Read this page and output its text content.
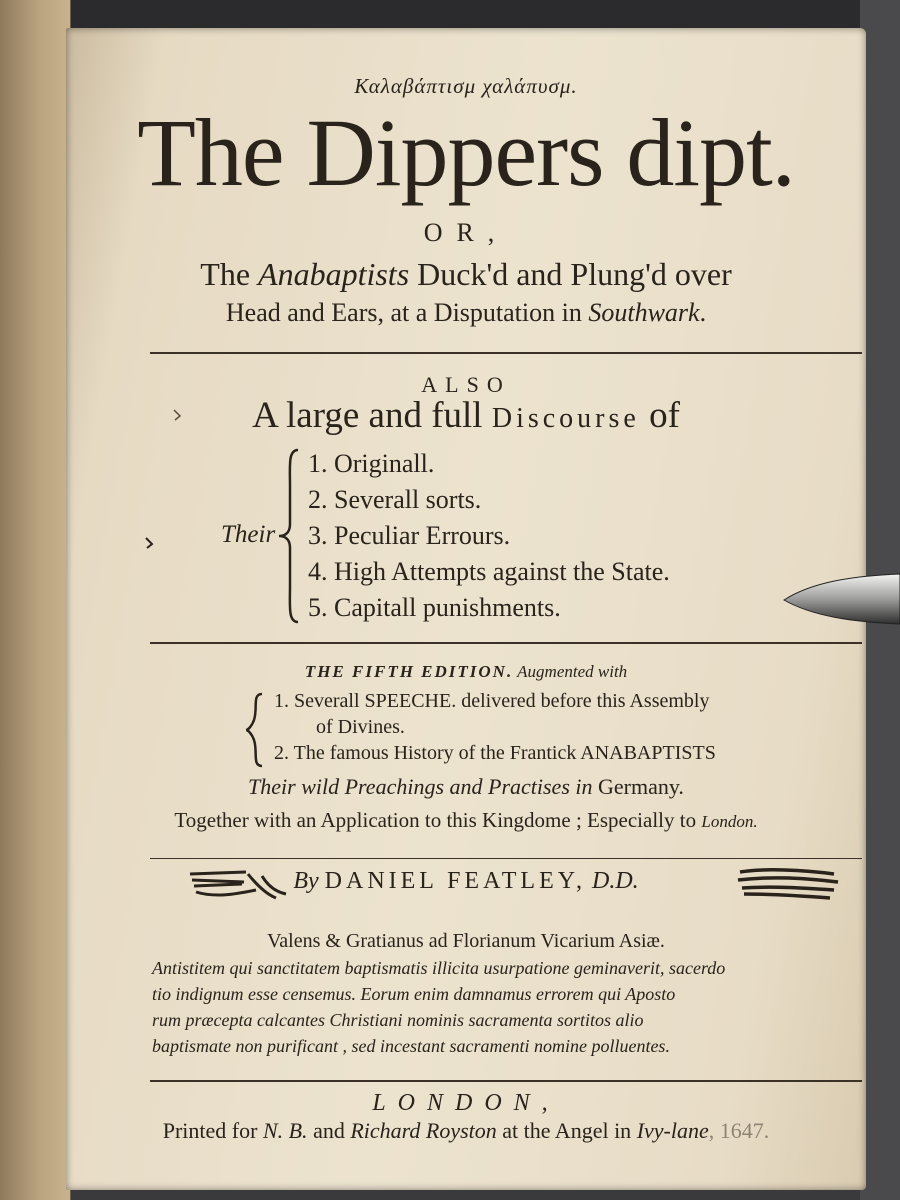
Καλαβάπτισμ χαλάπυσμ.
The Dippers dipt.
OR,
The Anabaptists Duck'd and Plung'd over
Head and Ears, at a Disputation in Southwark.
ALSO
A large and full Discourse of
Their
1. Originall.
2. Severall sorts.
3. Peculiar Errours.
4. High Attempts against the State.
5. Capitall punishments.
THE FIFTH EDITION. Augmented with
1. Severall SPEECHE. delivered before this Assembly
of Divines.
2. The famous History of the Frantick ANABAPTISTS
Their wild Preachings and Practises in Germany.
Together with an Application to this Kingdome ; Especially to London.
By DANIEL FEATLEY, D.D.
Valens & Gratianus ad Florianum Vicarium Asiæ.
Antistitem qui sanctitatem baptismatis illicita usurpatione geminaverit, sacerdo
tio indignum esse censemus. Eorum enim damnamus errorem qui Aposto
rum præcepta calcantes Christiani nominis sacramenta sortitos alio
baptismate non purificant , sed incestant sacramenti nomine polluentes.
LONDON,
Printed for N. B. and Richard Royston at the Angel in Ivy-lane, 1647.
